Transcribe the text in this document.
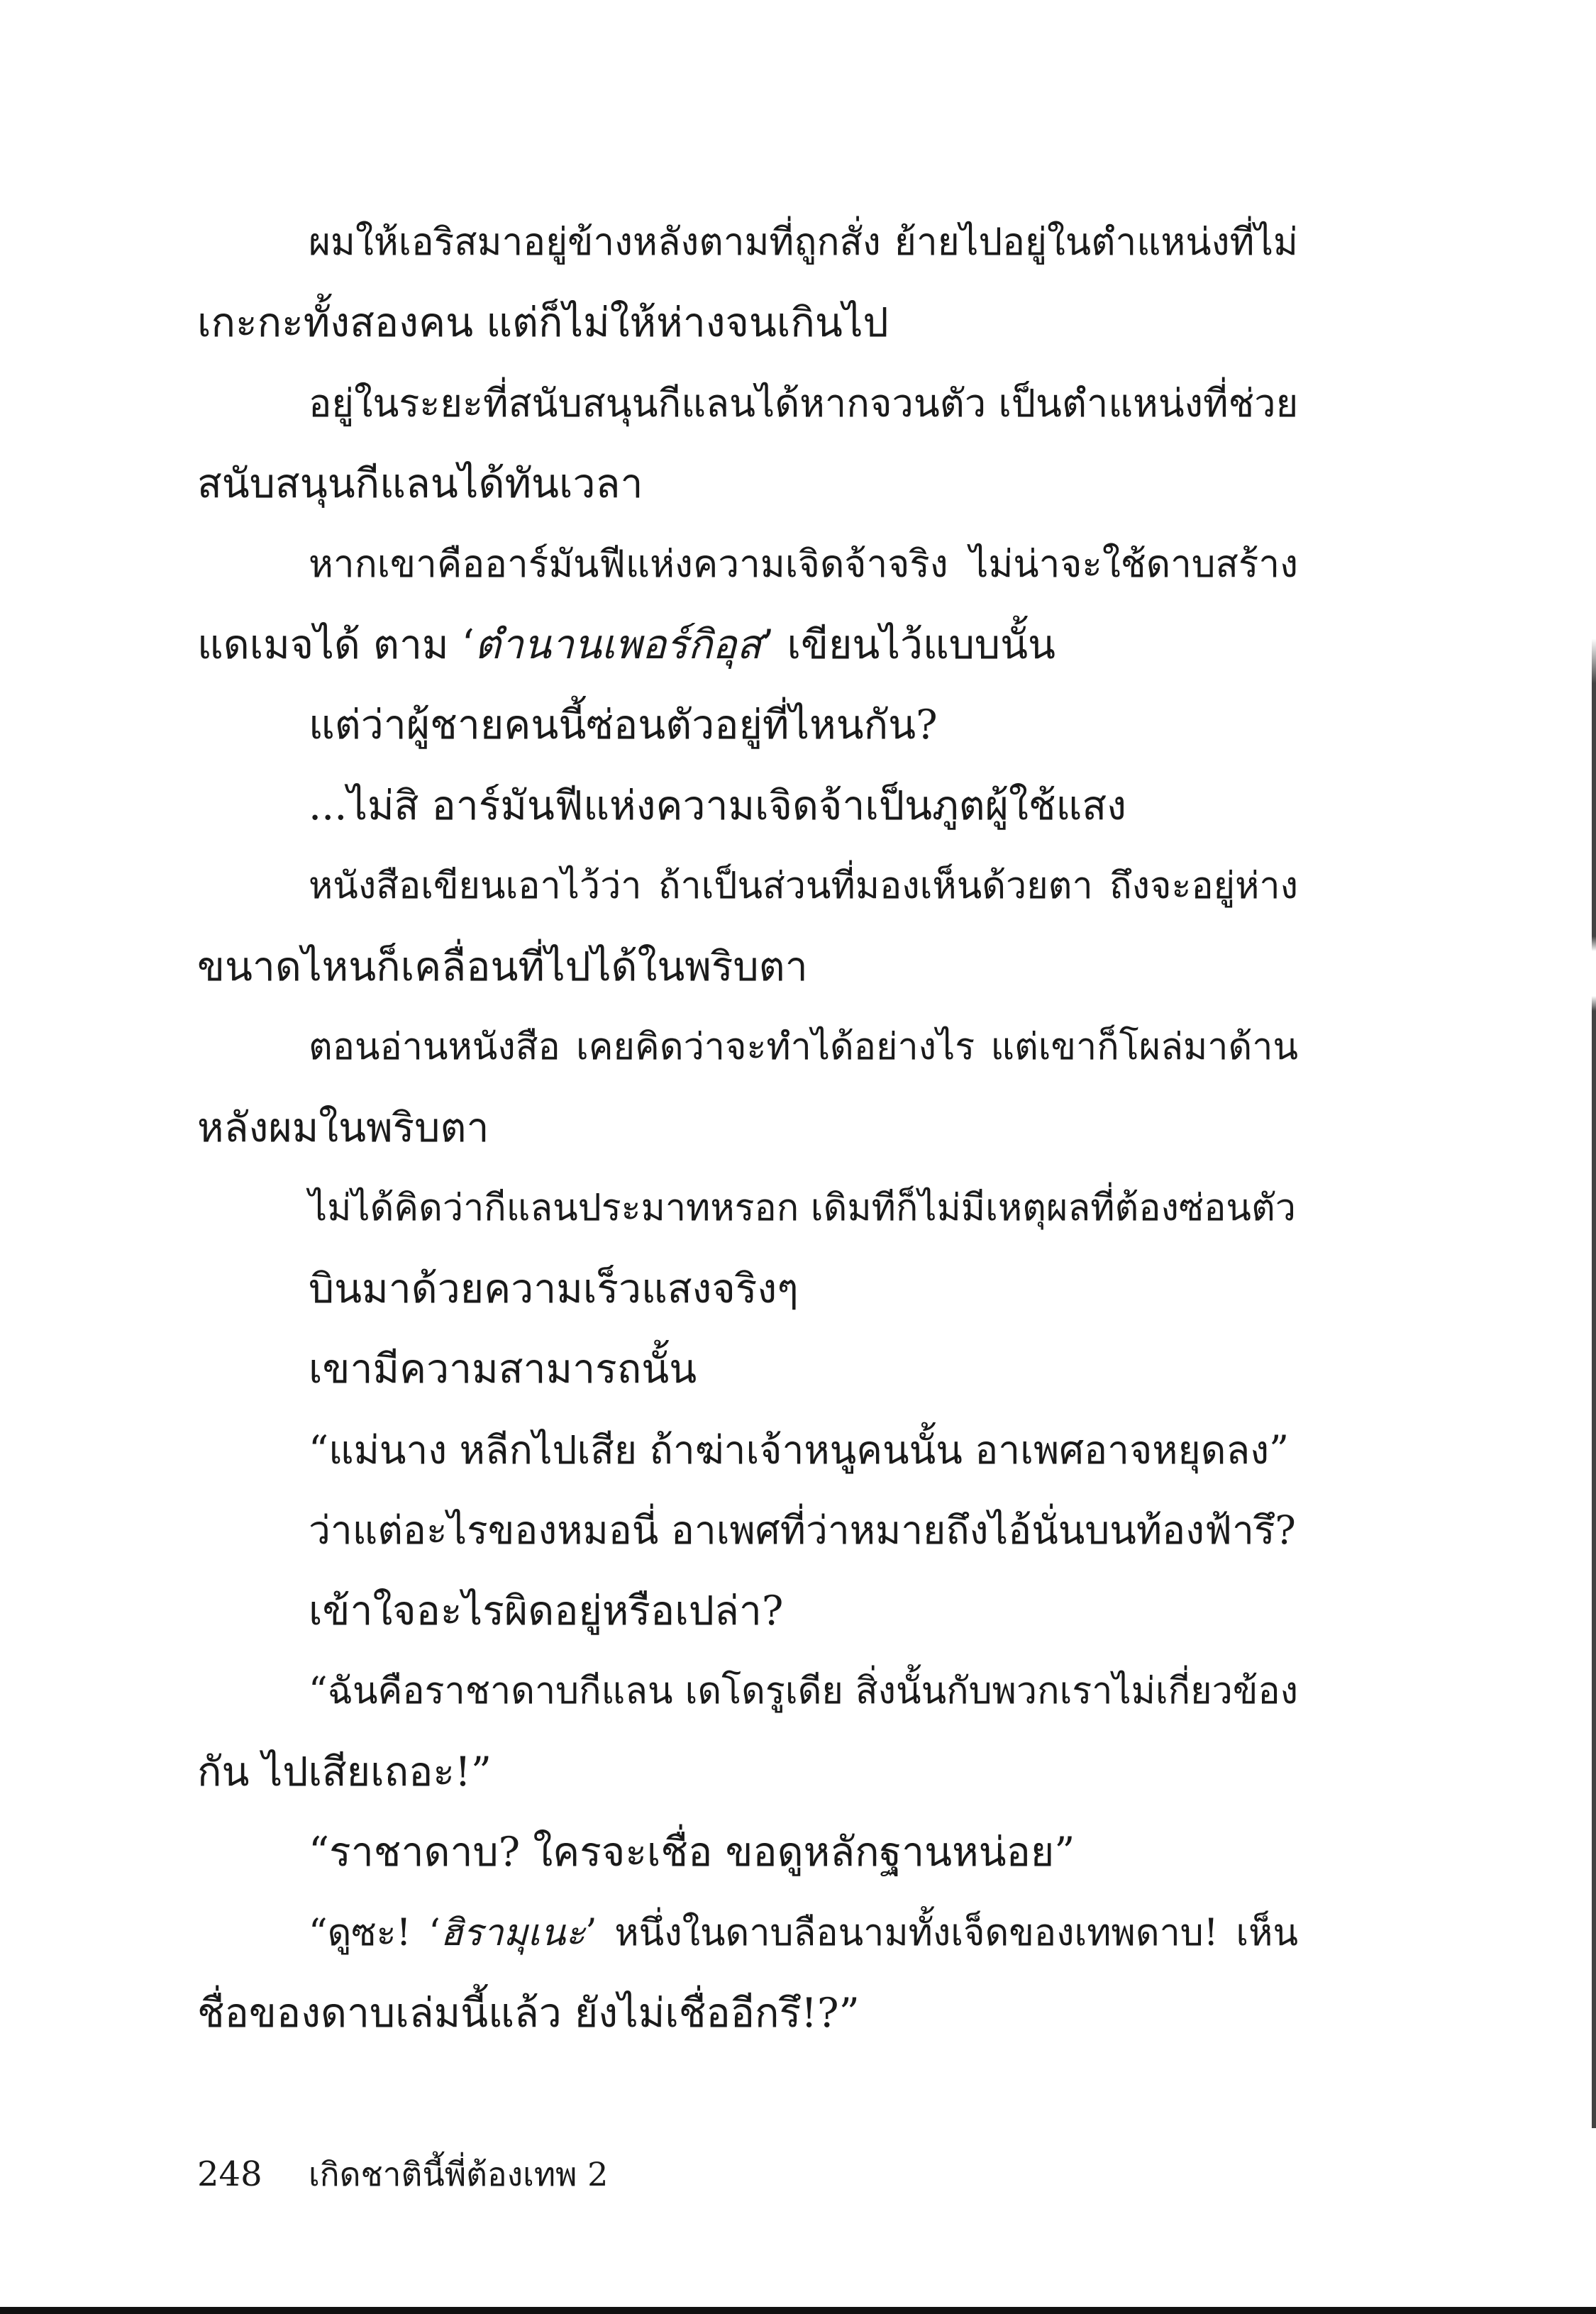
ผมให้เอริสมาอยู่ข้างหลังตามที่ถูกสั่ง ย้ายไปอยู่ในตำแหน่งที่ไม่
เกะกะทั้งสองคน แต่ก็ไม่ให้ห่างจนเกินไป
อยู่ในระยะที่สนับสนุนกีแลนได้หากจวนตัว เป็นตำแหน่งที่ช่วย
สนับสนุนกีแลนได้ทันเวลา
หากเขาคืออาร์มันฟีแห่งความเจิดจ้าจริง ไม่น่าจะใช้ดาบสร้าง
แดเมจได้ ตาม ‘ตำนานเพอร์กิอุส’ เขียนไว้แบบนั้น
แต่ว่าผู้ชายคนนี้ซ่อนตัวอยู่ที่ไหนกัน?
...ไม่สิ อาร์มันฟีแห่งความเจิดจ้าเป็นภูตผู้ใช้แสง
หนังสือเขียนเอาไว้ว่า ถ้าเป็นส่วนที่มองเห็นด้วยตา ถึงจะอยู่ห่าง
ขนาดไหนก็เคลื่อนที่ไปได้ในพริบตา
ตอนอ่านหนังสือ เคยคิดว่าจะทำได้อย่างไร แต่เขาก็โผล่มาด้าน
หลังผมในพริบตา
ไม่ได้คิดว่ากีแลนประมาทหรอก เดิมทีก็ไม่มีเหตุผลที่ต้องซ่อนตัว
บินมาด้วยความเร็วแสงจริงๆ
เขามีความสามารถนั้น
“แม่นาง หลีกไปเสีย ถ้าฆ่าเจ้าหนูคนนั้น อาเพศอาจหยุดลง”
ว่าแต่อะไรของหมอนี่ อาเพศที่ว่าหมายถึงไอ้นั่นบนท้องฟ้ารึ?
เข้าใจอะไรผิดอยู่หรือเปล่า?
“ฉันคือราชาดาบกีแลน เดโดรูเดีย สิ่งนั้นกับพวกเราไม่เกี่ยวข้อง
กัน ไปเสียเถอะ!”
“ราชาดาบ? ใครจะเชื่อ ขอดูหลักฐานหน่อย”
“ดูซะ! ‘ฮิรามุเนะ’ หนึ่งในดาบลือนามทั้งเจ็ดของเทพดาบ! เห็น
ชื่อของดาบเล่มนี้แล้ว ยังไม่เชื่ออีกรึ!?”
248 เกิดชาตินี้พี่ต้องเทพ 2
